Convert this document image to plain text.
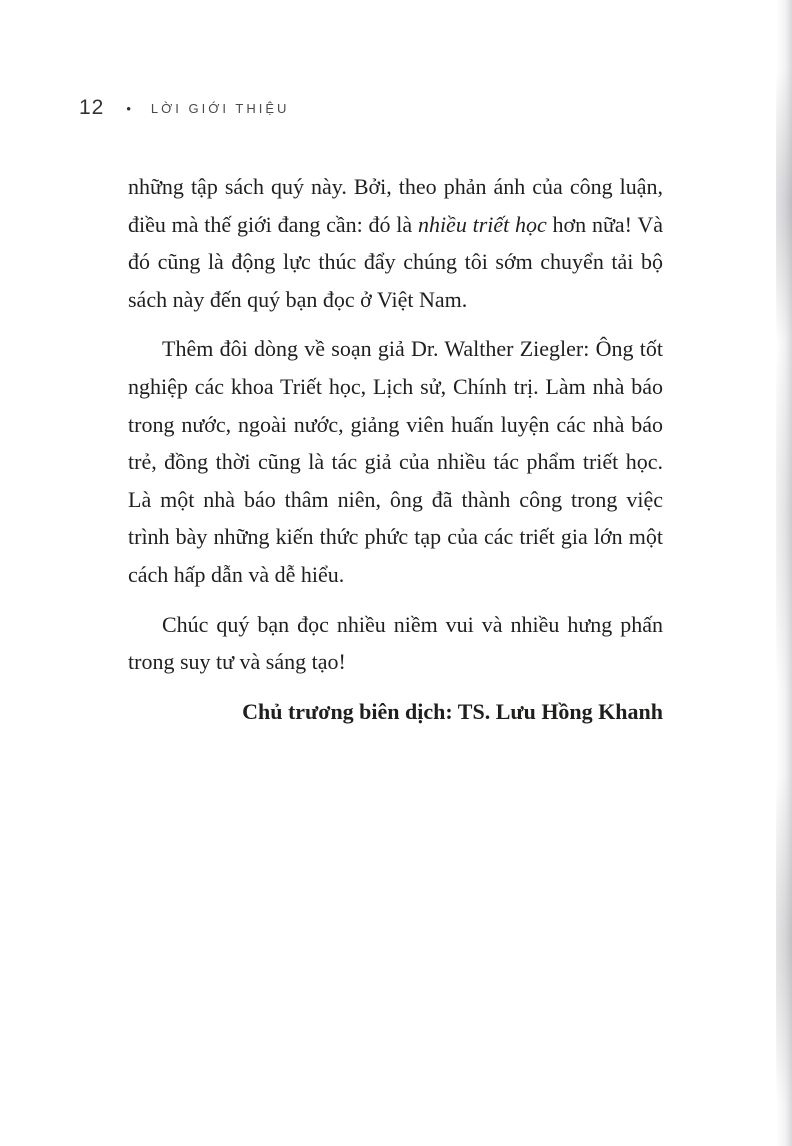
12 • LỜI GIỚI THIỆU

những tập sách quý này. Bởi, theo phản ánh của công luận, điều mà thế giới đang cần: đó là nhiều triết học hơn nữa! Và đó cũng là động lực thúc đẩy chúng tôi sớm chuyển tải bộ sách này đến quý bạn đọc ở Việt Nam.

Thêm đôi dòng về soạn giả Dr. Walther Ziegler: Ông tốt nghiệp các khoa Triết học, Lịch sử, Chính trị. Làm nhà báo trong nước, ngoài nước, giảng viên huấn luyện các nhà báo trẻ, đồng thời cũng là tác giả của nhiều tác phẩm triết học. Là một nhà báo thâm niên, ông đã thành công trong việc trình bày những kiến thức phức tạp của các triết gia lớn một cách hấp dẫn và dễ hiểu.

Chúc quý bạn đọc nhiều niềm vui và nhiều hưng phấn trong suy tư và sáng tạo!

Chủ trương biên dịch: TS. Lưu Hồng Khanh
